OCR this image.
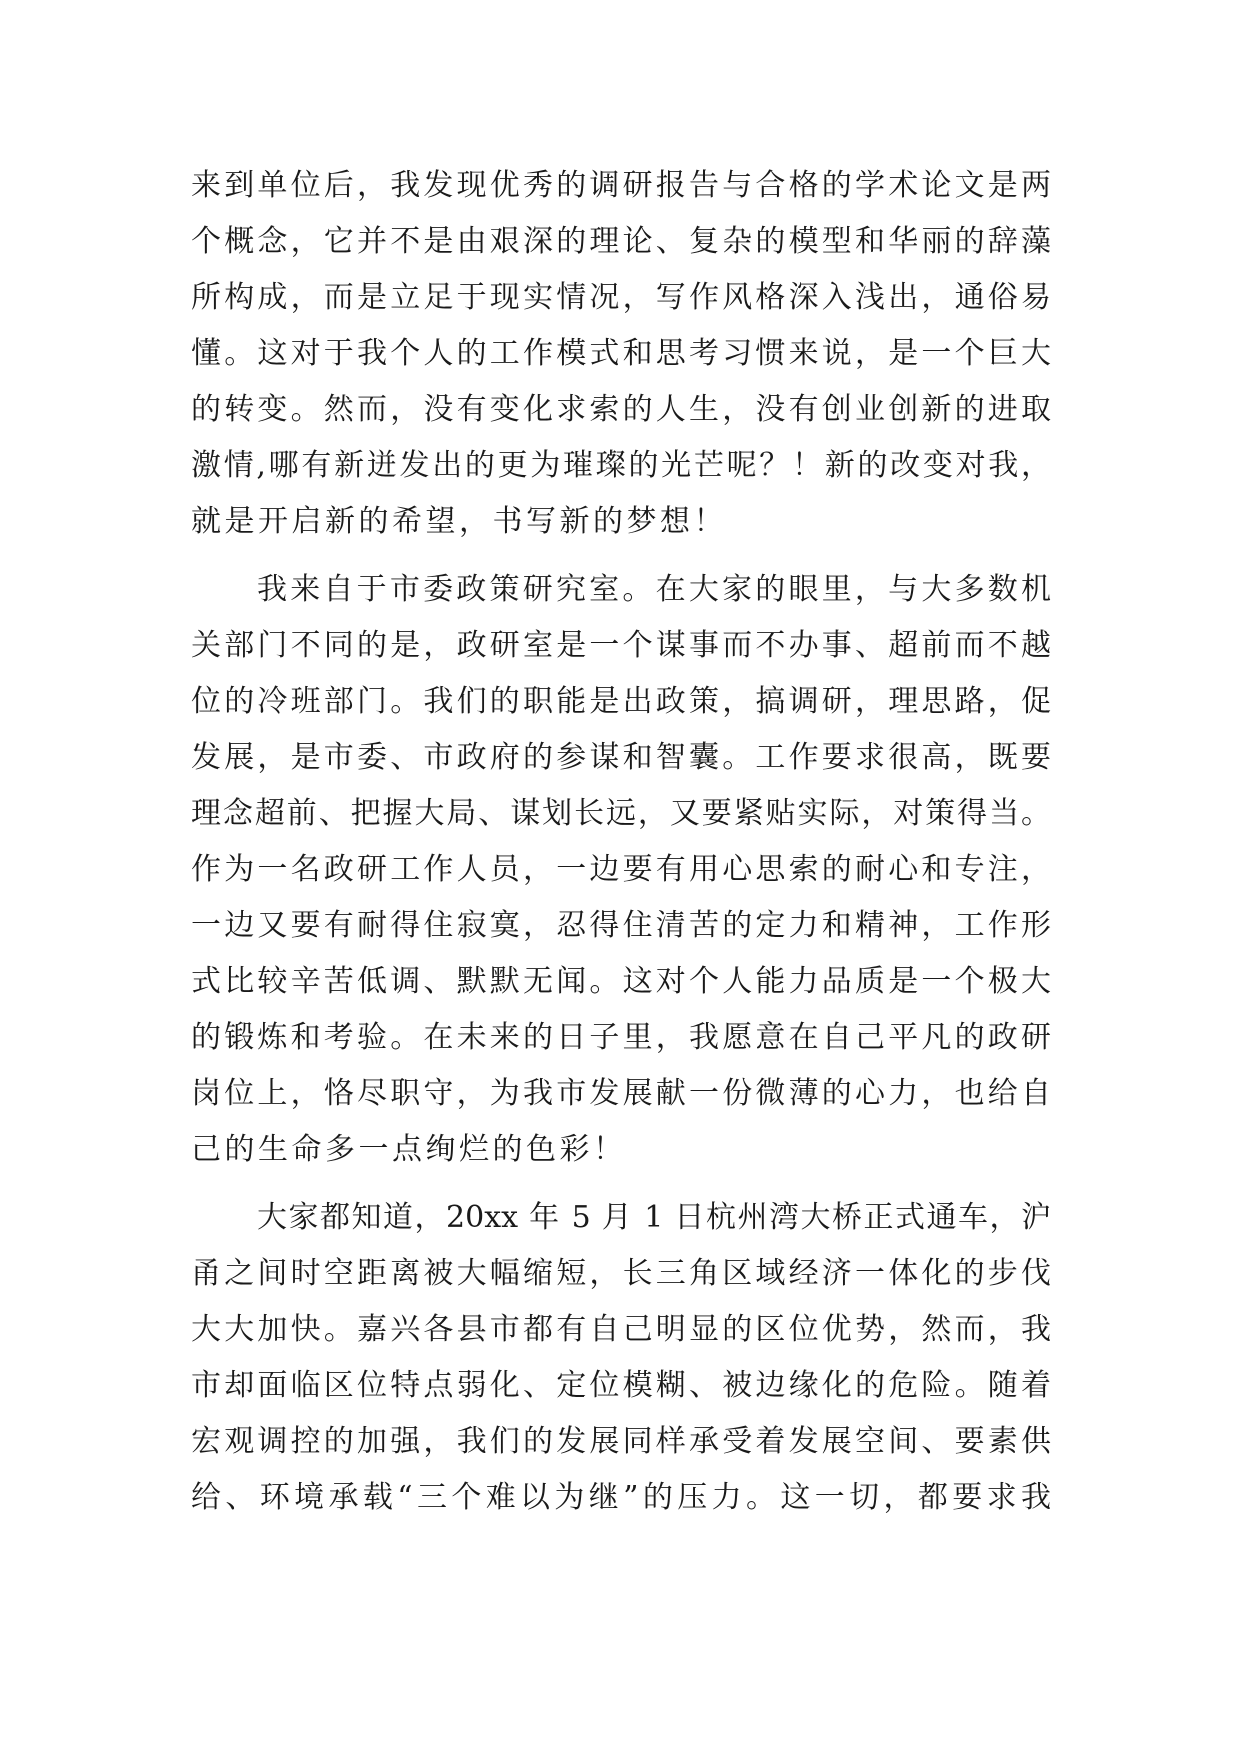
来到单位后，我发现优秀的调研报告与合格的学术论文是两
个概念，它并不是由艰深的理论、复杂的模型和华丽的辞藻
所构成，而是立足于现实情况，写作风格深入浅出，通俗易
懂。这对于我个人的工作模式和思考习惯来说，是一个巨大
的转变。然而，没有变化求索的人生，没有创业创新的进取
激情,哪有新迸发出的更为璀璨的光芒呢？！新的改变对我，
就是开启新的希望，书写新的梦想！
我来自于市委政策研究室。在大家的眼里，与大多数机
关部门不同的是，政研室是一个谋事而不办事、超前而不越
位的冷班部门。我们的职能是出政策，搞调研，理思路，促
发展，是市委、市政府的参谋和智囊。工作要求很高，既要
理念超前、把握大局、谋划长远，又要紧贴实际，对策得当。
作为一名政研工作人员，一边要有用心思索的耐心和专注，
一边又要有耐得住寂寞，忍得住清苦的定力和精神，工作形
式比较辛苦低调、默默无闻。这对个人能力品质是一个极大
的锻炼和考验。在未来的日子里，我愿意在自己平凡的政研
岗位上，恪尽职守，为我市发展献一份微薄的心力，也给自
己的生命多一点绚烂的色彩！
大家都知道，20xx 年 5 月 1 日杭州湾大桥正式通车，沪
甬之间时空距离被大幅缩短，长三角区域经济一体化的步伐
大大加快。嘉兴各县市都有自己明显的区位优势，然而，我
市却面临区位特点弱化、定位模糊、被边缘化的危险。随着
宏观调控的加强，我们的发展同样承受着发展空间、要素供
给、环境承载“三个难以为继”的压力。这一切，都要求我
